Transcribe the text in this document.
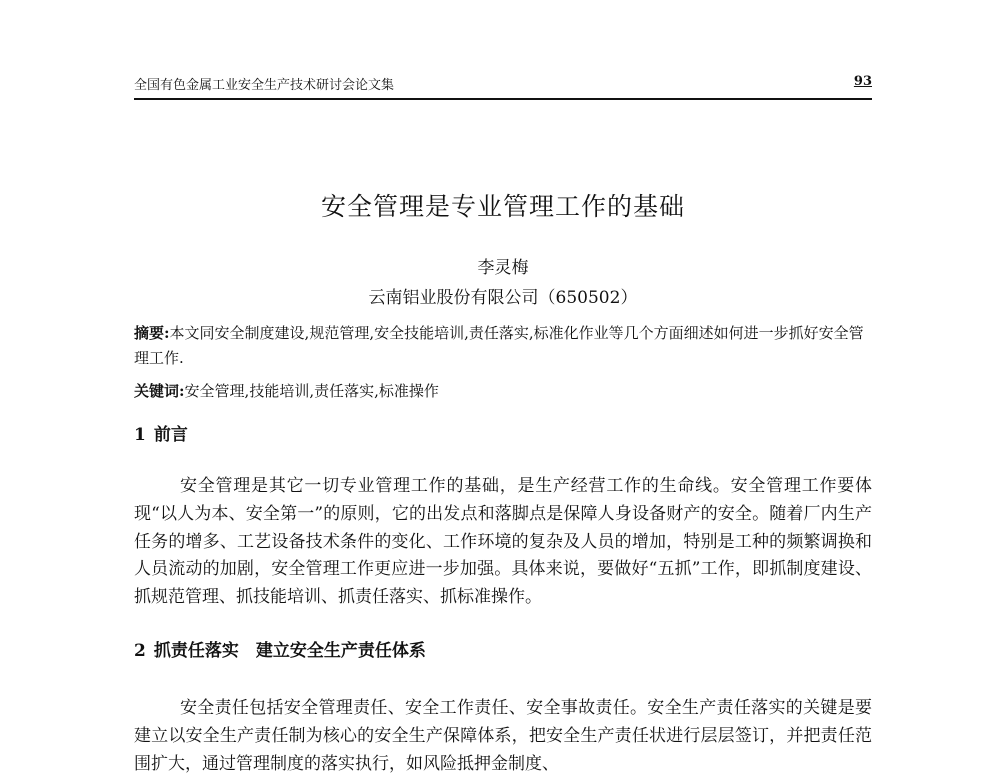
全国有色金属工业安全生产技术研讨会论文集	93
安全管理是专业管理工作的基础
李灵梅
云南铝业股份有限公司（650502）
摘要:本文同安全制度建设,规范管理,安全技能培训,责任落实,标准化作业等几个方面细述如何进一步抓好安全管理工作.
关键词:安全管理,技能培训,责任落实,标准操作
1 前言

安全管理是其它一切专业管理工作的基础，是生产经营工作的生命线。安全管理工作要体现“以人为本、安全第一”的原则，它的出发点和落脚点是保障人身设备财产的安全。随着厂内生产任务的增多、工艺设备技术条件的变化、工作环境的复杂及人员的增加，特别是工种的频繁调换和人员流动的加剧，安全管理工作更应进一步加强。具体来说，要做好“五抓”工作，即抓制度建设、抓规范管理、抓技能培训、抓责任落实、抓标准操作。

2 抓责任落实　建立安全生产责任体系

安全责任包括安全管理责任、安全工作责任、安全事故责任。安全生产责任落实的关键是要建立以安全生产责任制为核心的安全生产保障体系，把安全生产责任状进行层层签订，并把责任范围扩大，通过管理制度的落实执行，如风险抵押金制度、
